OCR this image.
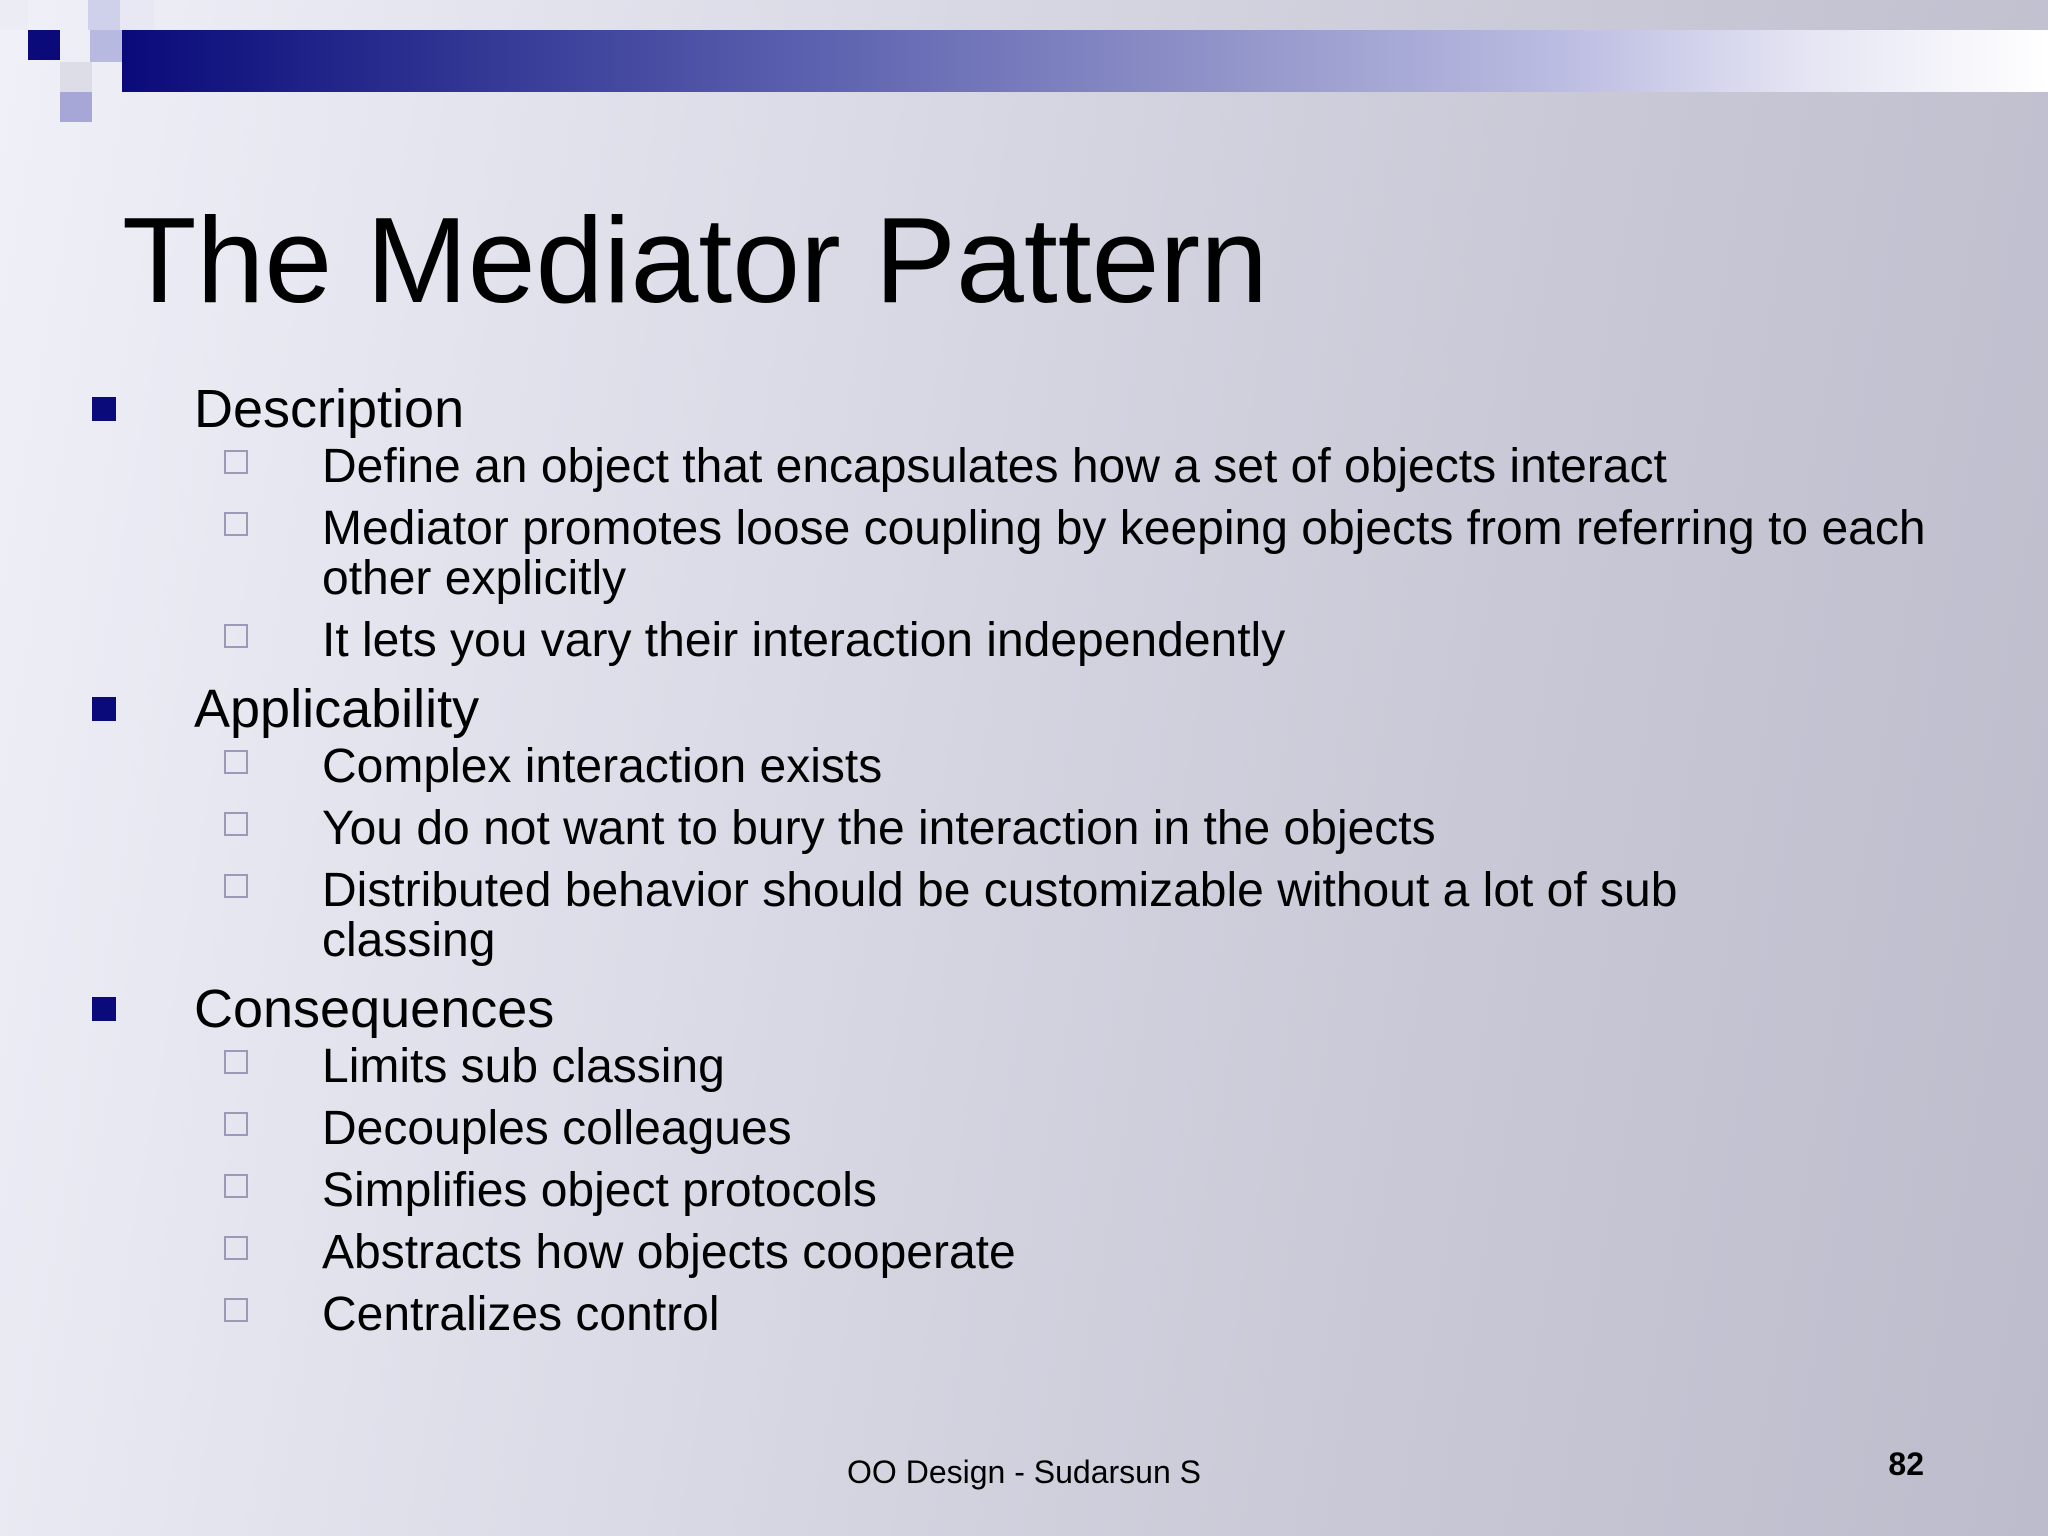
The Mediator Pattern
Description
Define an object that encapsulates how a set of objects interact
Mediator promotes loose coupling by keeping objects from referring to each other explicitly
It lets you vary their interaction independently
Applicability
Complex interaction exists
You do not want to bury the interaction in the objects
Distributed behavior should be customizable without a lot of sub classing
Consequences
Limits sub classing
Decouples colleagues
Simplifies object protocols
Abstracts how objects cooperate
Centralizes control
OO Design - Sudarsun S	82
